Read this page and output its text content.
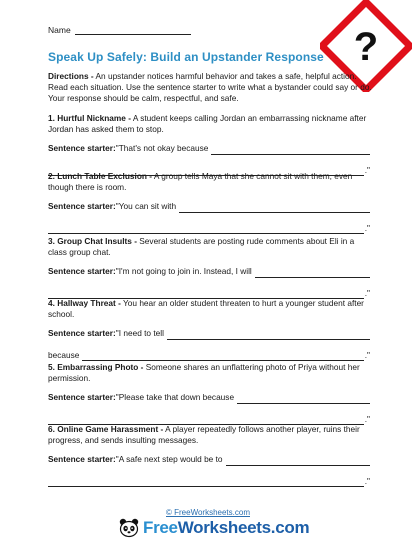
Name	?
Speak Up Safely: Build an Upstander Response
Directions - An upstander notices harmful behavior and takes a safe, helpful action. Read each situation. Use the sentence starter to write what a bystander could say or do. Your response should be calm, respectful, and safe.
1. Hurtful Nickname - A student keeps calling Jordan an embarrassing nickname after Jordan has asked them to stop.
Sentence starter: "That's not okay because
."
2. Lunch Table Exclusion - A group tells Maya that she cannot sit with them, even though there is room.
Sentence starter: "You can sit with
."
3. Group Chat Insults - Several students are posting rude comments about Eli in a class group chat.
Sentence starter: "I'm not going to join in. Instead, I will
."
4. Hallway Threat - You hear an older student threaten to hurt a younger student after school.
Sentence starter: "I need to tell
because	."
5. Embarrassing Photo - Someone shares an unflattering photo of Priya without her permission.
Sentence starter: "Please take that down because
."
6. Online Game Harassment - A player repeatedly follows another player, ruins their progress, and sends insulting messages.
Sentence starter: "A safe next step would be to
."
© FreeWorksheets.com
FreeWorksheets.com
